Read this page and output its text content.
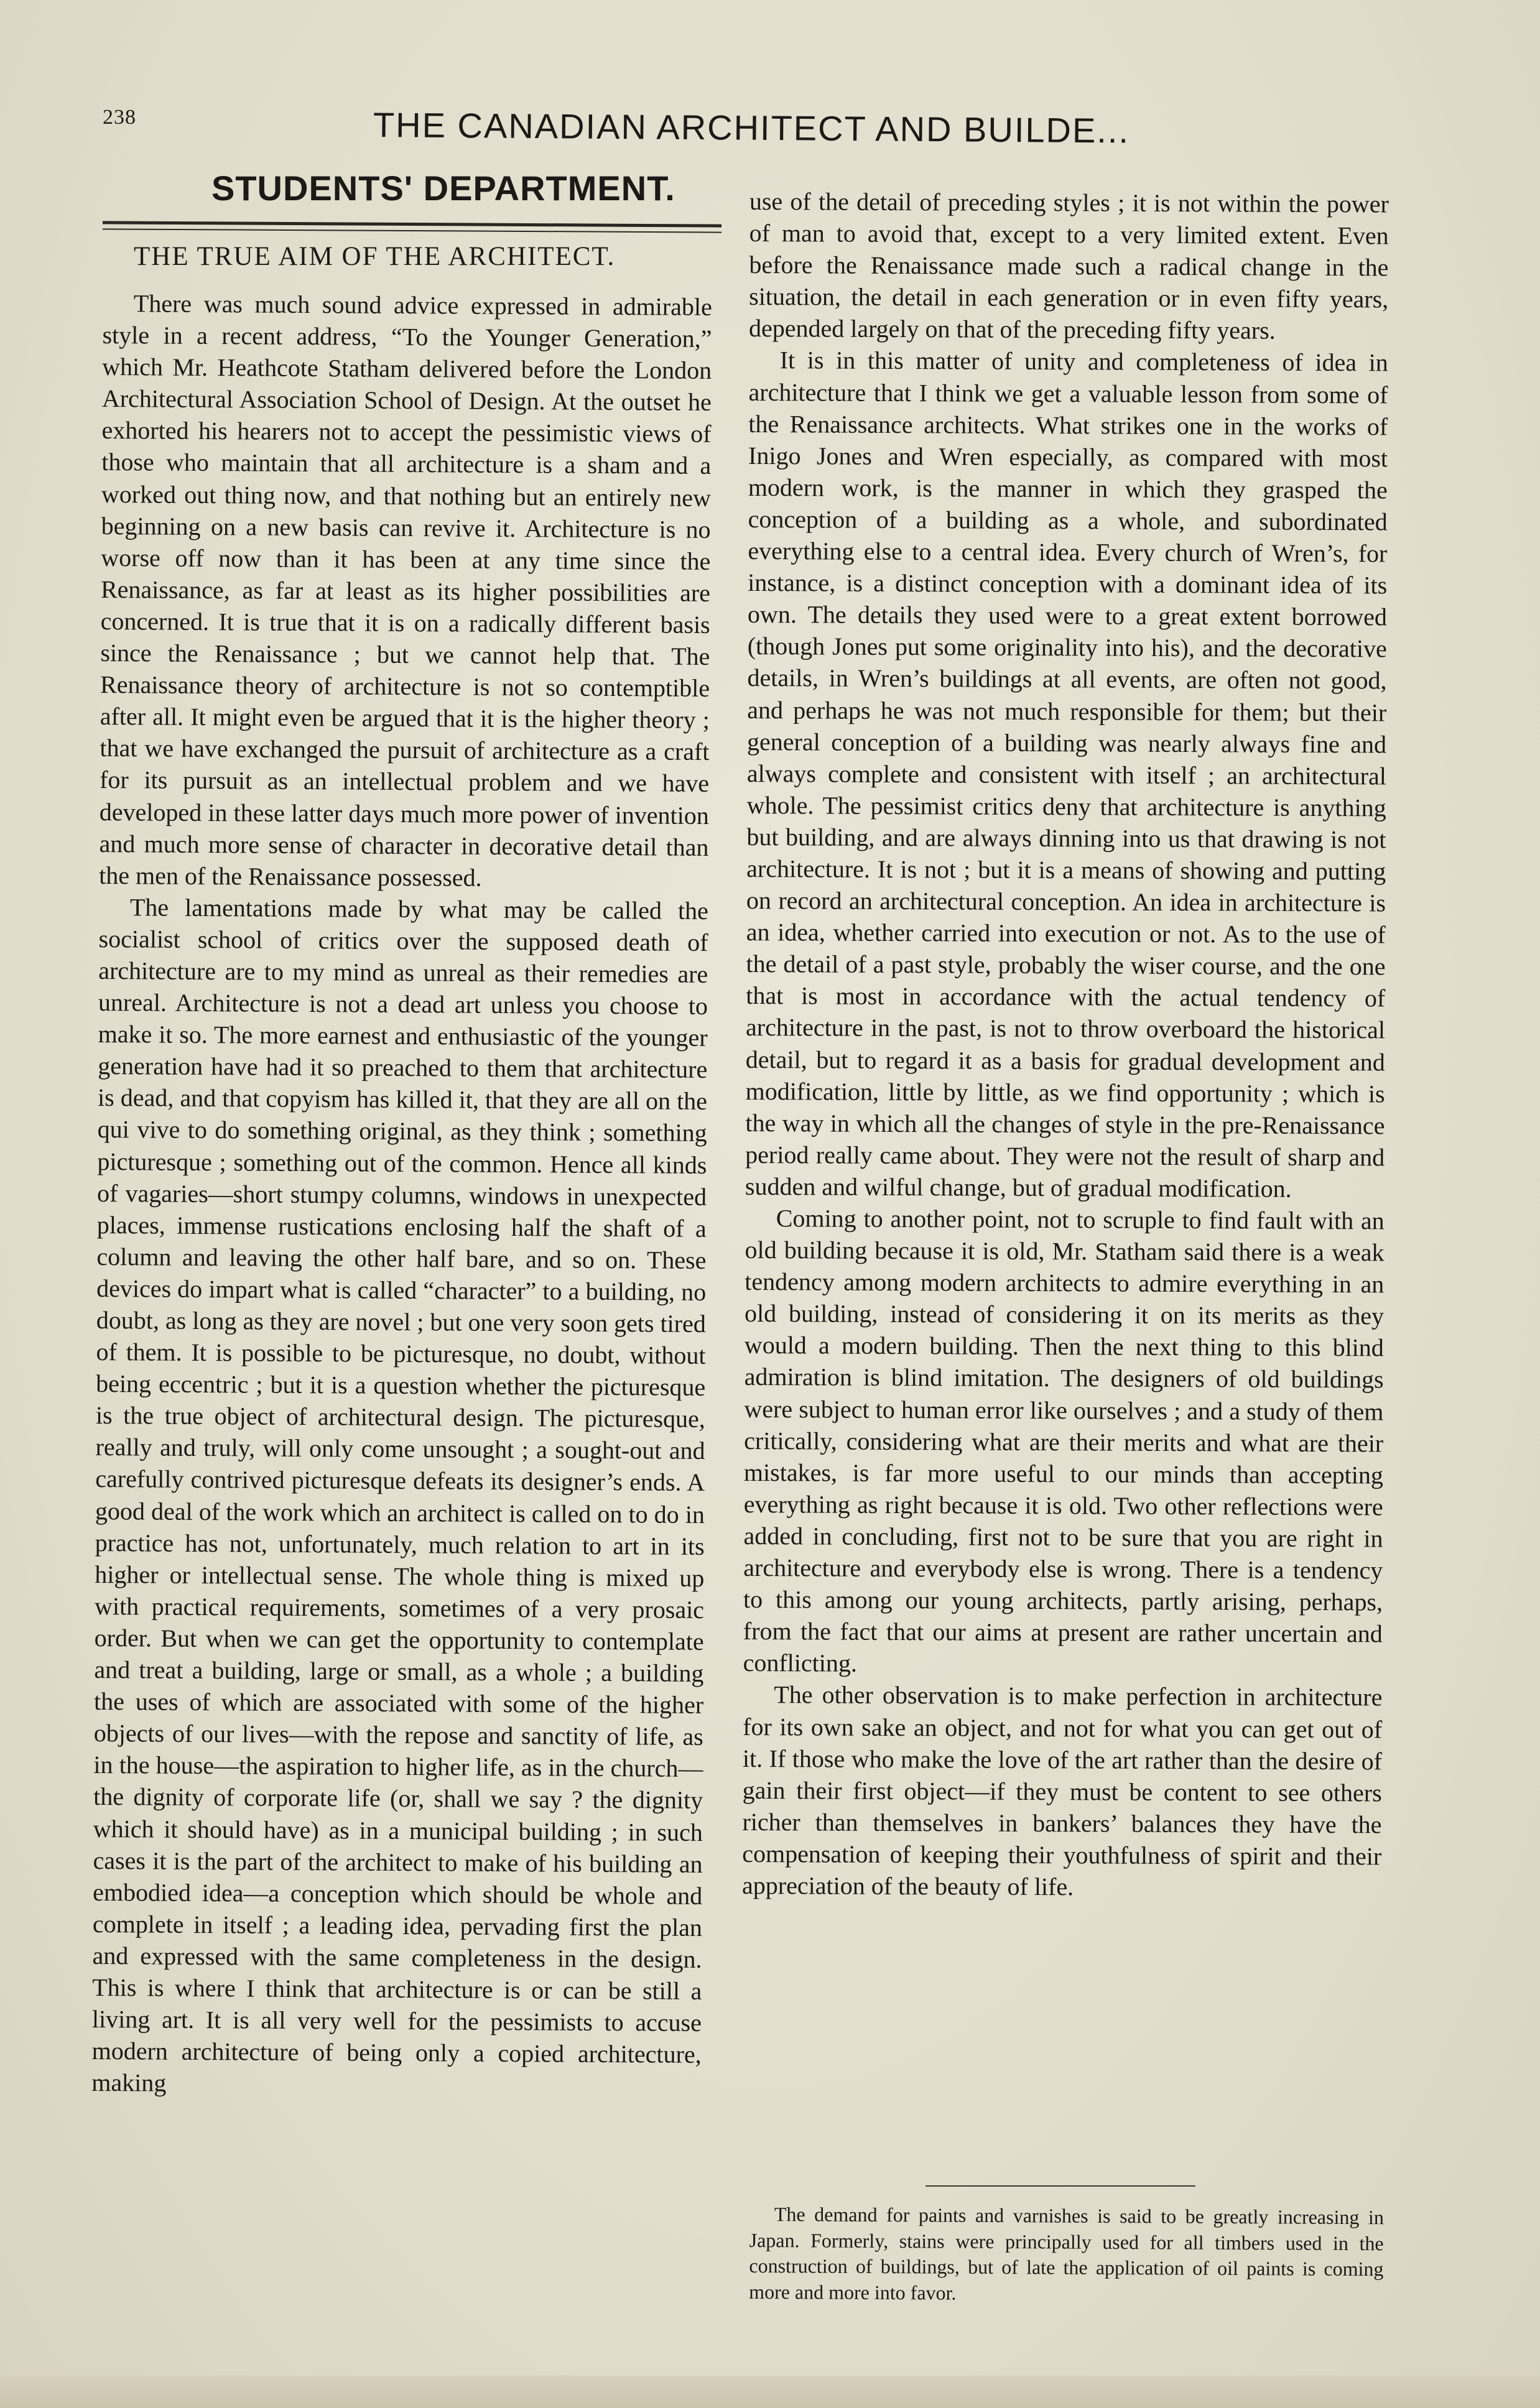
238	THE CANADIAN ARCHITECT AND BUILDE...
STUDENTS' DEPARTMENT.
THE TRUE AIM OF THE ARCHITECT.

There was much sound advice expressed in admirable style in a recent address, “To the Younger Generation,” which Mr. Heathcote Statham delivered before the London Architectural Association School of Design. At the outset he exhorted his hearers not to accept the pessimistic views of those who maintain that all architecture is a sham and a worked out thing now, and that nothing but an entirely new beginning on a new basis can revive it. Architecture is no worse off now than it has been at any time since the Renaissance, as far at least as its higher possibilities are concerned. It is true that it is on a radically different basis since the Renaissance ; but we cannot help that. The Renaissance theory of architecture is not so contemptible after all. It might even be argued that it is the higher theory ; that we have exchanged the pursuit of architecture as a craft for its pursuit as an intellectual problem and we have developed in these latter days much more power of invention and much more sense of character in decorative detail than the men of the Renaissance possessed.

The lamentations made by what may be called the socialist school of critics over the supposed death of architecture are to my mind as unreal as their remedies are unreal. Architecture is not a dead art unless you choose to make it so. The more earnest and enthusiastic of the younger generation have had it so preached to them that architecture is dead, and that copyism has killed it, that they are all on the qui vive to do something original, as they think ; something picturesque ; something out of the common. Hence all kinds of vagaries—short stumpy columns, windows in unexpected places, immense rustications enclosing half the shaft of a column and leaving the other half bare, and so on. These devices do impart what is called “character” to a building, no doubt, as long as they are novel ; but one very soon gets tired of them. It is possible to be picturesque, no doubt, without being eccentric ; but it is a question whether the picturesque is the true object of architectural design. The picturesque, really and truly, will only come unsought ; a sought-out and carefully contrived picturesque defeats its designer’s ends. A good deal of the work which an architect is called on to do in practice has not, unfortunately, much relation to art in its higher or intellectual sense. The whole thing is mixed up with practical requirements, sometimes of a very prosaic order. But when we can get the opportunity to contemplate and treat a building, large or small, as a whole ; a building the uses of which are associated with some of the higher objects of our lives—with the repose and sanctity of life, as in the house—the aspiration to higher life, as in the church—the dignity of corporate life (or, shall we say ? the dignity which it should have) as in a municipal building ; in such cases it is the part of the architect to make of his building an embodied idea—a conception which should be whole and complete in itself ; a leading idea, pervading first the plan and expressed with the same completeness in the design. This is where I think that architecture is or can be still a living art. It is all very well for the pessimists to accuse modern architecture of being only a copied architecture, making

use of the detail of preceding styles ; it is not within the power of man to avoid that, except to a very limited extent. Even before the Renaissance made such a radical change in the situation, the detail in each generation or in even fifty years, depended largely on that of the preceding fifty years.

It is in this matter of unity and completeness of idea in architecture that I think we get a valuable lesson from some of the Renaissance architects. What strikes one in the works of Inigo Jones and Wren especially, as compared with most modern work, is the manner in which they grasped the conception of a building as a whole, and subordinated everything else to a central idea. Every church of Wren’s, for instance, is a distinct conception with a dominant idea of its own. The details they used were to a great extent borrowed (though Jones put some originality into his), and the decorative details, in Wren’s buildings at all events, are often not good, and perhaps he was not much responsible for them; but their general conception of a building was nearly always fine and always complete and consistent with itself ; an architectural whole. The pessimist critics deny that architecture is anything but building, and are always dinning into us that drawing is not architecture. It is not ; but it is a means of showing and putting on record an architectural conception. An idea in architecture is an idea, whether carried into execution or not. As to the use of the detail of a past style, probably the wiser course, and the one that is most in accordance with the actual tendency of architecture in the past, is not to throw overboard the historical detail, but to regard it as a basis for gradual development and modification, little by little, as we find opportunity ; which is the way in which all the changes of style in the pre-Renaissance period really came about. They were not the result of sharp and sudden and wilful change, but of gradual modification.

Coming to another point, not to scruple to find fault with an old building because it is old, Mr. Statham said there is a weak tendency among modern architects to admire everything in an old building, instead of considering it on its merits as they would a modern building. Then the next thing to this blind admiration is blind imitation. The designers of old buildings were subject to human error like ourselves ; and a study of them critically, considering what are their merits and what are their mistakes, is far more useful to our minds than accepting everything as right because it is old. Two other reflections were added in concluding, first not to be sure that you are right in architecture and everybody else is wrong. There is a tendency to this among our young architects, partly arising, perhaps, from the fact that our aims at present are rather uncertain and conflicting.

The other observation is to make perfection in architecture for its own sake an object, and not for what you can get out of it. If those who make the love of the art rather than the desire of gain their first object—if they must be content to see others richer than themselves in bankers’ balances they have the compensation of keeping their youthfulness of spirit and their appreciation of the beauty of life.

The demand for paints and varnishes is said to be greatly increasing in Japan. Formerly, stains were principally used for all timbers used in the construction of buildings, but of late the application of oil paints is coming more and more into favor.
